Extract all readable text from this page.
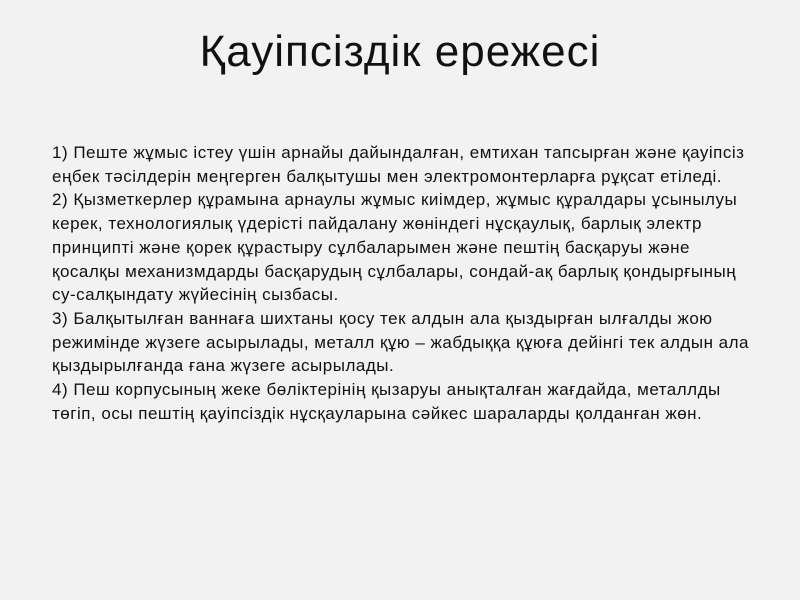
Қауіпсіздік ережесі

1) Пеште жұмыс істеу үшін арнайы дайындалған, емтихан тапсырған және қауіпсіз еңбек тәсілдерін меңгерген балқытушы мен электромонтерларға рұқсат етіледі.

2) Қызметкерлер құрамына арнаулы жұмыс киімдер, жұмыс құралдары ұсынылуы керек, технологиялық үдерісті пайдалану жөніндегі нұсқаулық, барлық электр принципті және қорек құрастыру сұлбаларымен және пештің басқаруы және қосалқы механизмдарды басқарудың сұлбалары, сондай-ақ барлық қондырғының су-салқындату жүйесінің сызбасы.

3) Балқытылған ваннаға шихтаны қосу тек алдын ала қыздырған ылғалды жою режимінде жүзеге асырылады, металл құю – жабдыққа құюға дейінгі тек алдын ала қыздырылғанда ғана жүзеге асырылады.

4) Пеш корпусының жеке бөліктерінің қызаруы анықталған жағдайда, металлды төгіп, осы пештің қауіпсіздік нұсқауларына сәйкес шараларды қолданған жөн.
